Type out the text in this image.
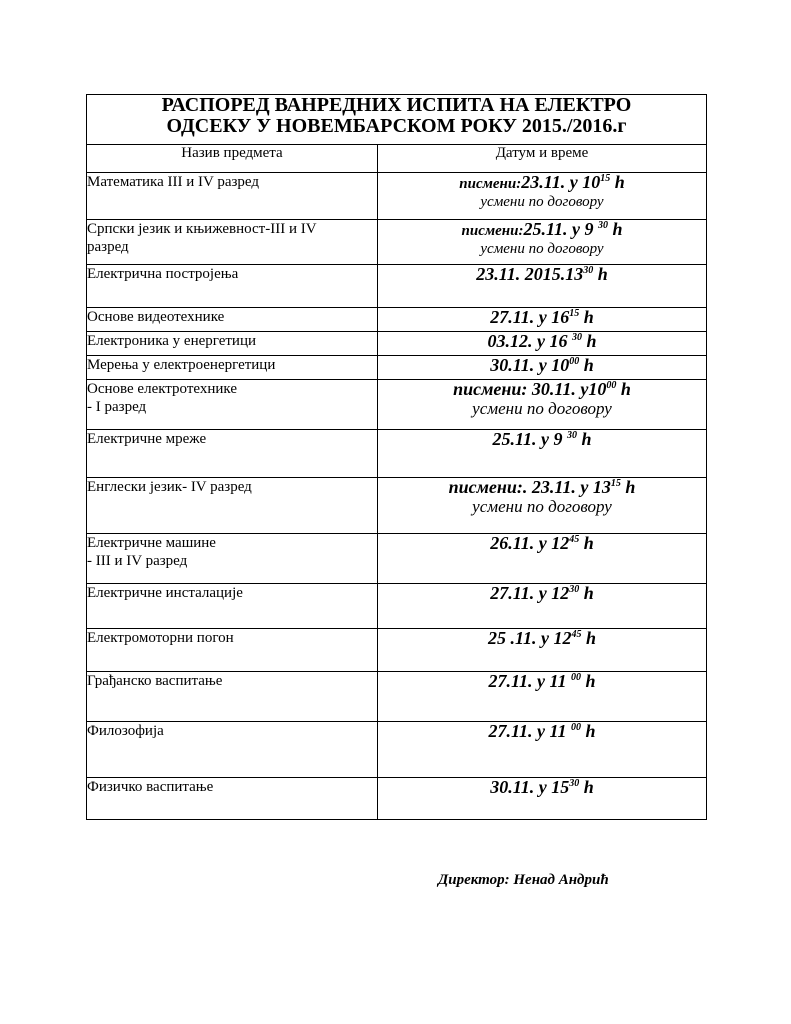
РАСПОРЕД ВАНРЕДНИХ ИСПИТА НА ЕЛЕКТРО
ОДСЕКУ У НОВЕМБАРСКОМ РОКУ 2015./2016.г	
Назив предмета	Датум и време
Математика III и IV разред	писмени:23.11. у $10^{15}$ h
усмени по договору

Српски језик и књижевност-III и IV
разред	писмени:25.11. у 9 $^{30}$ h
усмени по договору

Електрична постројења	23.11. 2015.13$^{30}$ h

Основе видеотехнике	27.11. у $16^{15}$ h

Електроника у енергетици	03.12. у 16 $^{30}$ h

Мерења у електроенергетици	30.11. у $10^{00}$ h

Основе електротехнике
- I разред	писмени: 30.11. $у10^{00}$ h
усмени по договору

Електричне мреже	25.11. у 9 $^{30}$ h

Енглески језик- IV разред	писмени:. 23.11. у $13^{15}$ h
усмени по договору

Електричне машине
- III и IV разред	26.11. у $12^{45}$ h

Електричне инсталације	27.11. у $12^{30}$ h

Електромоторни погон	25 .11. у $12^{45}$ h

Грађанско васпитање	27.11. у 11 $^{00}$ h

Филозофија	27.11. у 11 $^{00}$ h

Физичко васпитање	30.11. у $15^{30}$ h
Директор: Ненад Андрић
